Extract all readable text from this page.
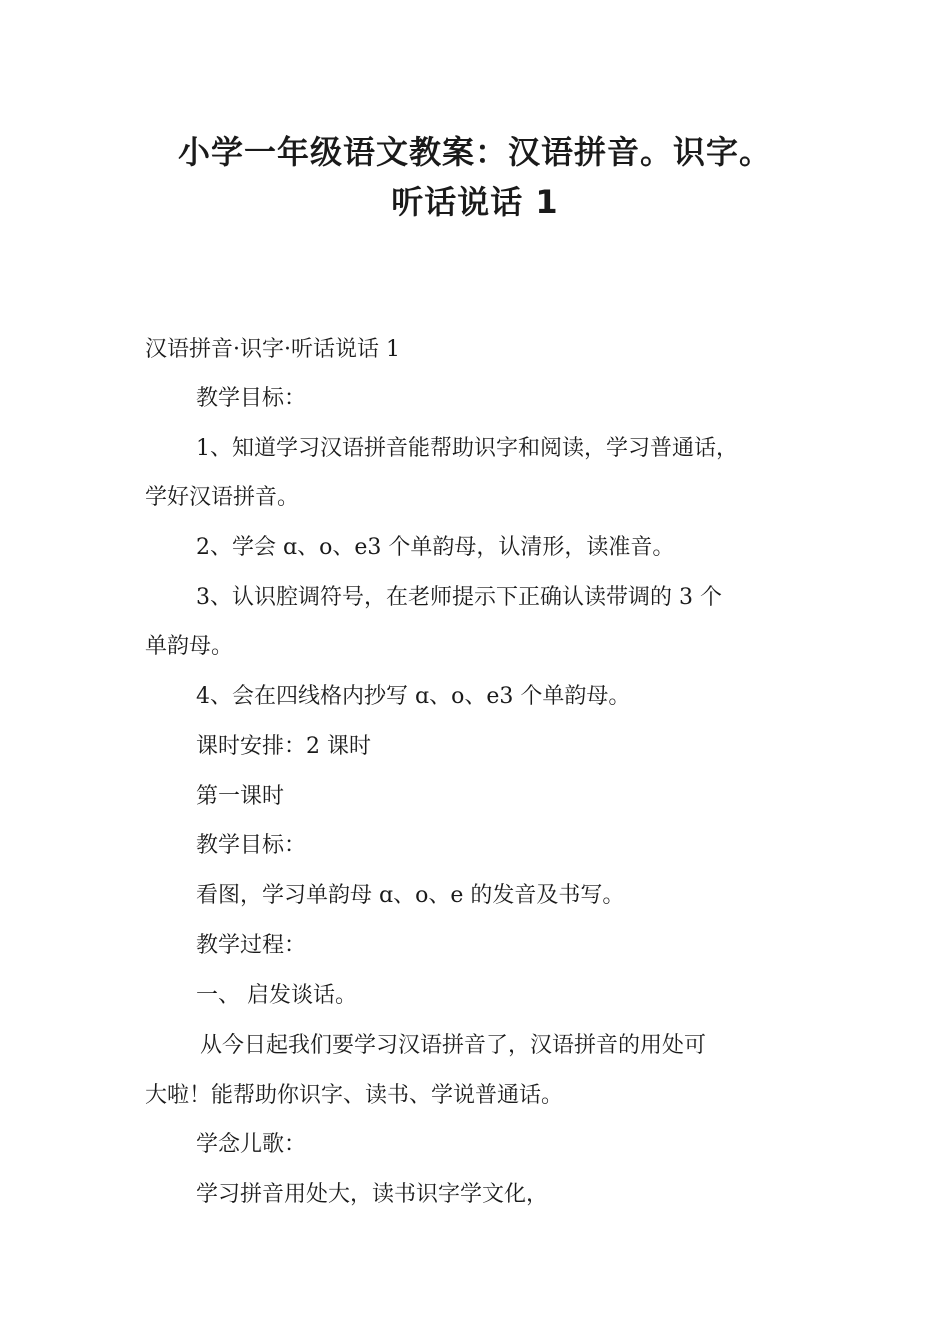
小学一年级语文教案：汉语拼音。识字。
听话说话 1
汉语拼音·识字·听话说话 1
教学目标：
1、知道学习汉语拼音能帮助识字和阅读，学习普通话，
学好汉语拼音。
2、学会 ɑ、o、e3 个单韵母，认清形，读准音。
3、认识腔调符号，在老师提示下正确认读带调的 3 个
单韵母。
4、会在四线格内抄写 ɑ、o、e3 个单韵母。
课时安排：2 课时
第一课时
教学目标：
看图，学习单韵母 ɑ、o、e 的发音及书写。
教学过程：
一、 启发谈话。
从今日起我们要学习汉语拼音了，汉语拼音的用处可
大啦！能帮助你识字、读书、学说普通话。
学念儿歌：
学习拼音用处大，读书识字学文化，
